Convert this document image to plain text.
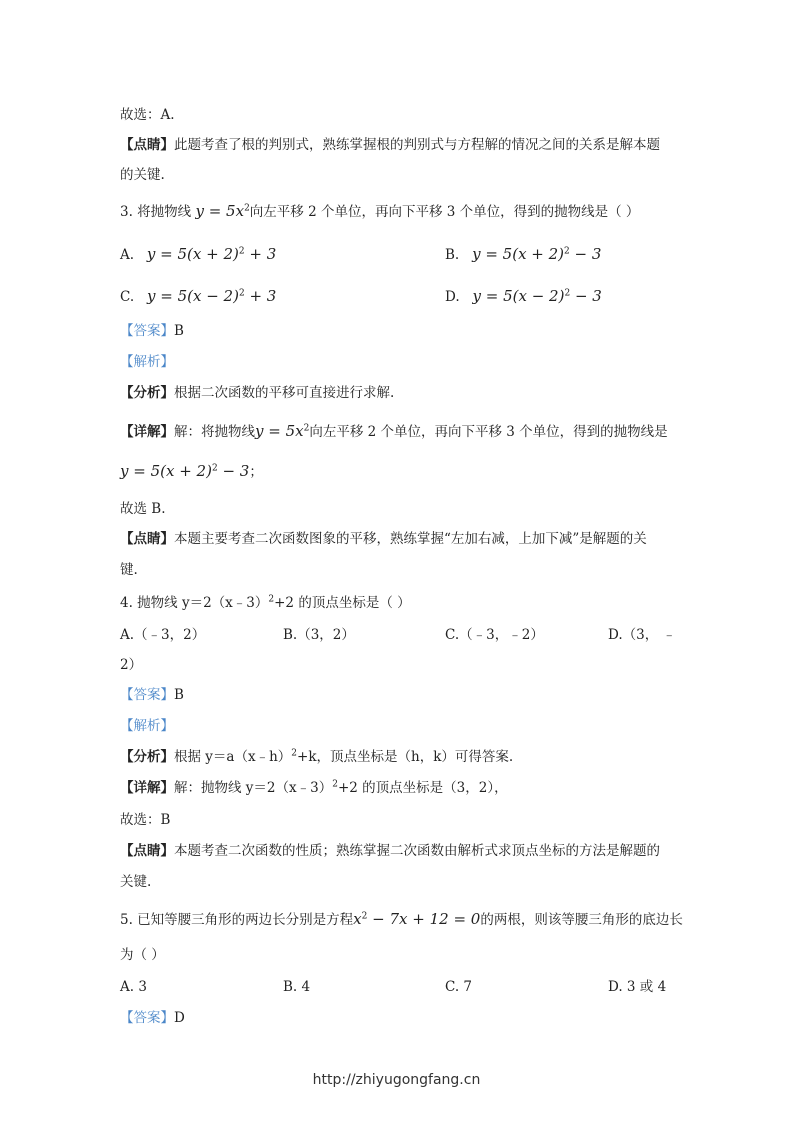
故选：A.
【点睛】此题考查了根的判别式，熟练掌握根的判别式与方程解的情况之间的关系是解本题
的关键.
3. 将抛物线 $y = 5x^2$向左平移 2 个单位，再向下平移 3 个单位，得到的抛物线是（ ）
A. $y = 5(x + 2)^2 + 3$	B. $y = 5(x + 2)^2 - 3$
C. $y = 5(x - 2)^2 + 3$	D. $y = 5(x - 2)^2 - 3$
【答案】B
【解析】
【分析】根据二次函数的平移可直接进行求解.
【详解】解：将抛物线$y = 5x^2$向左平移 2 个单位，再向下平移 3 个单位，得到的抛物线是
$y = 5(x + 2)^2 - 3$；
故选 B.
【点睛】本题主要考查二次函数图象的平移，熟练掌握“左加右减，上加下减”是解题的关
键.
4. 抛物线 y＝2（x﹣3）$^2$+2 的顶点坐标是（ ）
A.（﹣3，2）	B.（3，2）	C.（﹣3，﹣2）	D.（3， ﹣
2）
【答案】B
【解析】
【分析】根据 y＝a（x﹣h）$^2$+k，顶点坐标是（h，k）可得答案.
【详解】解：抛物线 y＝2（x﹣3）$^2$+2 的顶点坐标是（3，2），
故选：B
【点睛】本题考查二次函数的性质；熟练掌握二次函数由解析式求顶点坐标的方法是解题的
关键.
5. 已知等腰三角形的两边长分别是方程$x^2 - 7x + 12 = 0$的两根，则该等腰三角形的底边长
为（ ）
A. 3	B. 4	C. 7	D. 3 或 4
【答案】D
http://zhiyugongfang.cn
